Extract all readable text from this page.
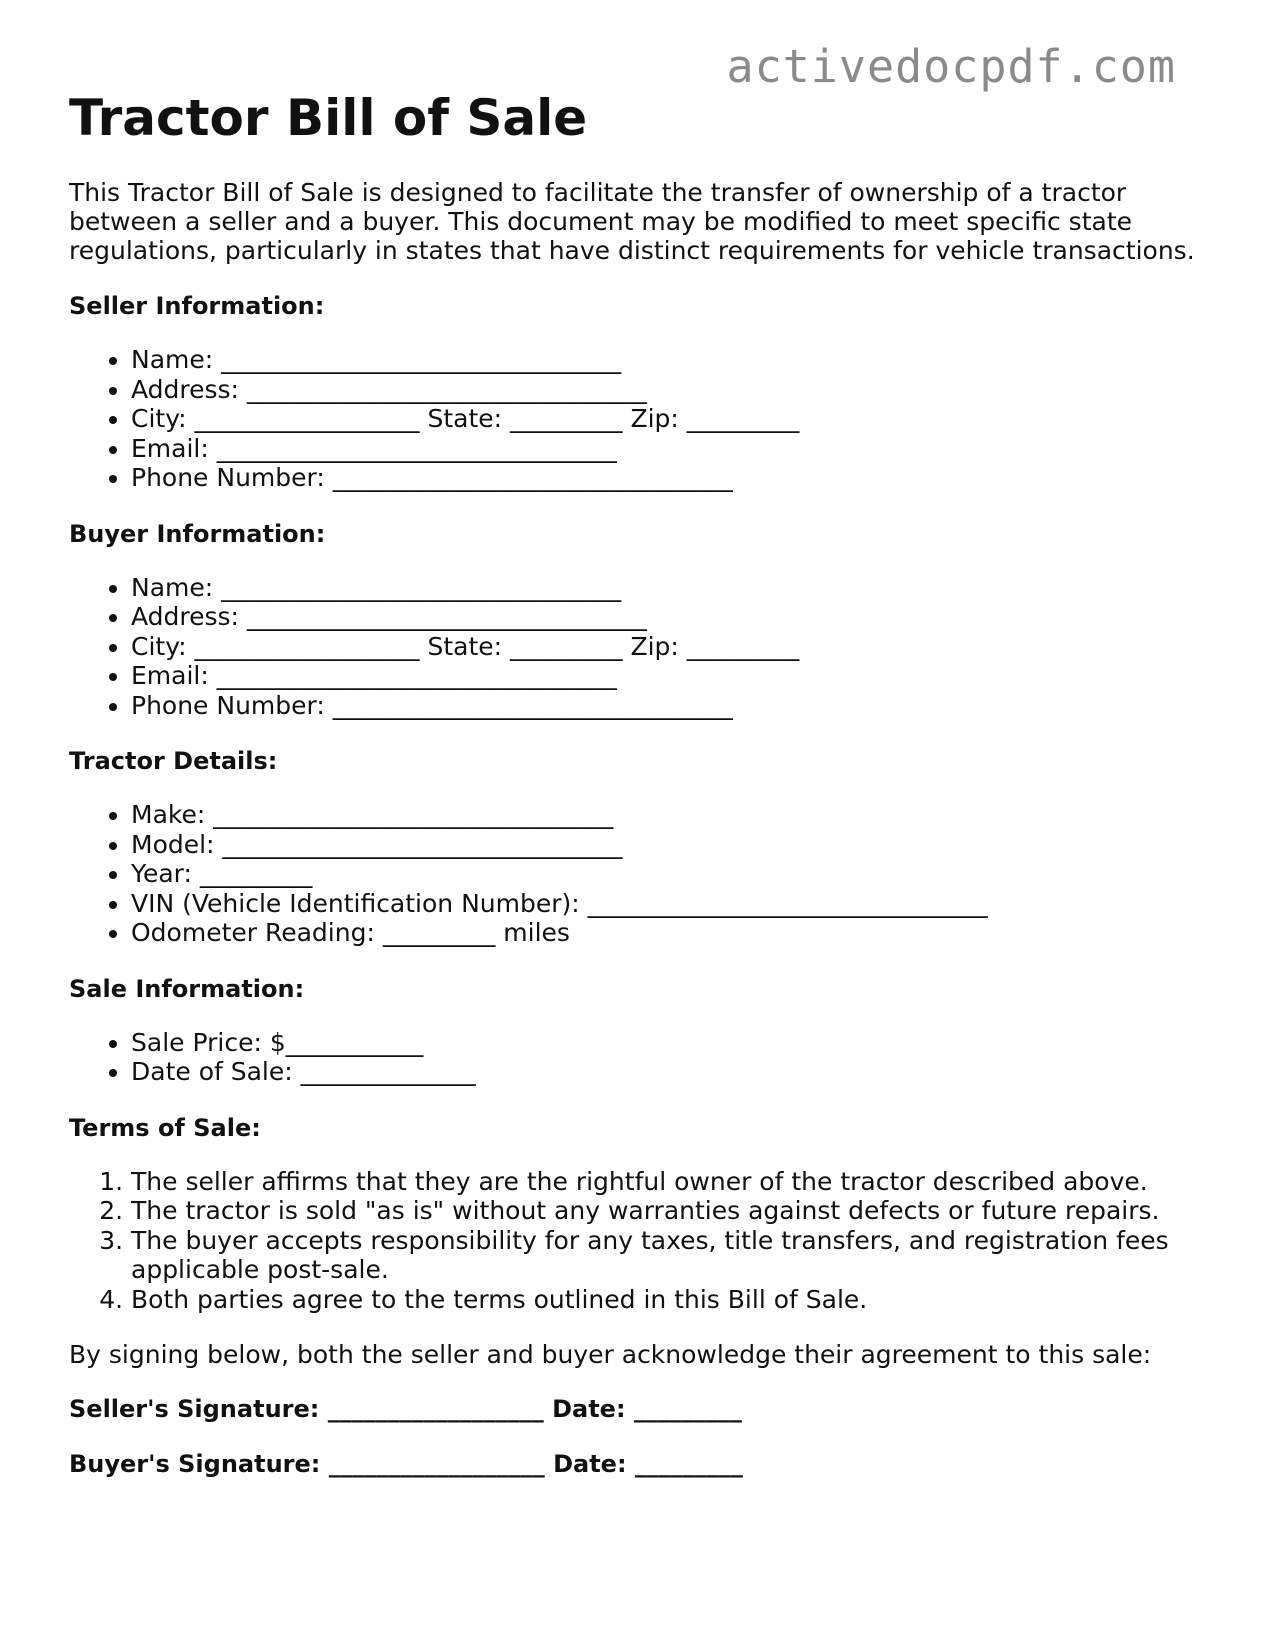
activedocpdf.com
Tractor Bill of Sale

This Tractor Bill of Sale is designed to facilitate the transfer of ownership of a tractor between a seller and a buyer. This document may be modified to meet specific state regulations, particularly in states that have distinct requirements for vehicle transactions.

Seller Information:

• Name: ________________________________
• Address: ________________________________
• City: __________________ State: _________ Zip: _________
• Email: ________________________________
• Phone Number: ________________________________

Buyer Information:

• Name: ________________________________
• Address: ________________________________
• City: __________________ State: _________ Zip: _________
• Email: ________________________________
• Phone Number: ________________________________

Tractor Details:

• Make: ________________________________
• Model: ________________________________
• Year: _________
• VIN (Vehicle Identification Number): ________________________________
• Odometer Reading: _________ miles

Sale Information:

• Sale Price: $___________
• Date of Sale: ______________

Terms of Sale:

1. The seller affirms that they are the rightful owner of the tractor described above.
2. The tractor is sold "as is" without any warranties against defects or future repairs.
3. The buyer accepts responsibility for any taxes, title transfers, and registration fees applicable post-sale.
4. Both parties agree to the terms outlined in this Bill of Sale.

By signing below, both the seller and buyer acknowledge their agreement to this sale:

Seller's Signature: __________________ Date: _________

Buyer's Signature: __________________ Date: _________
